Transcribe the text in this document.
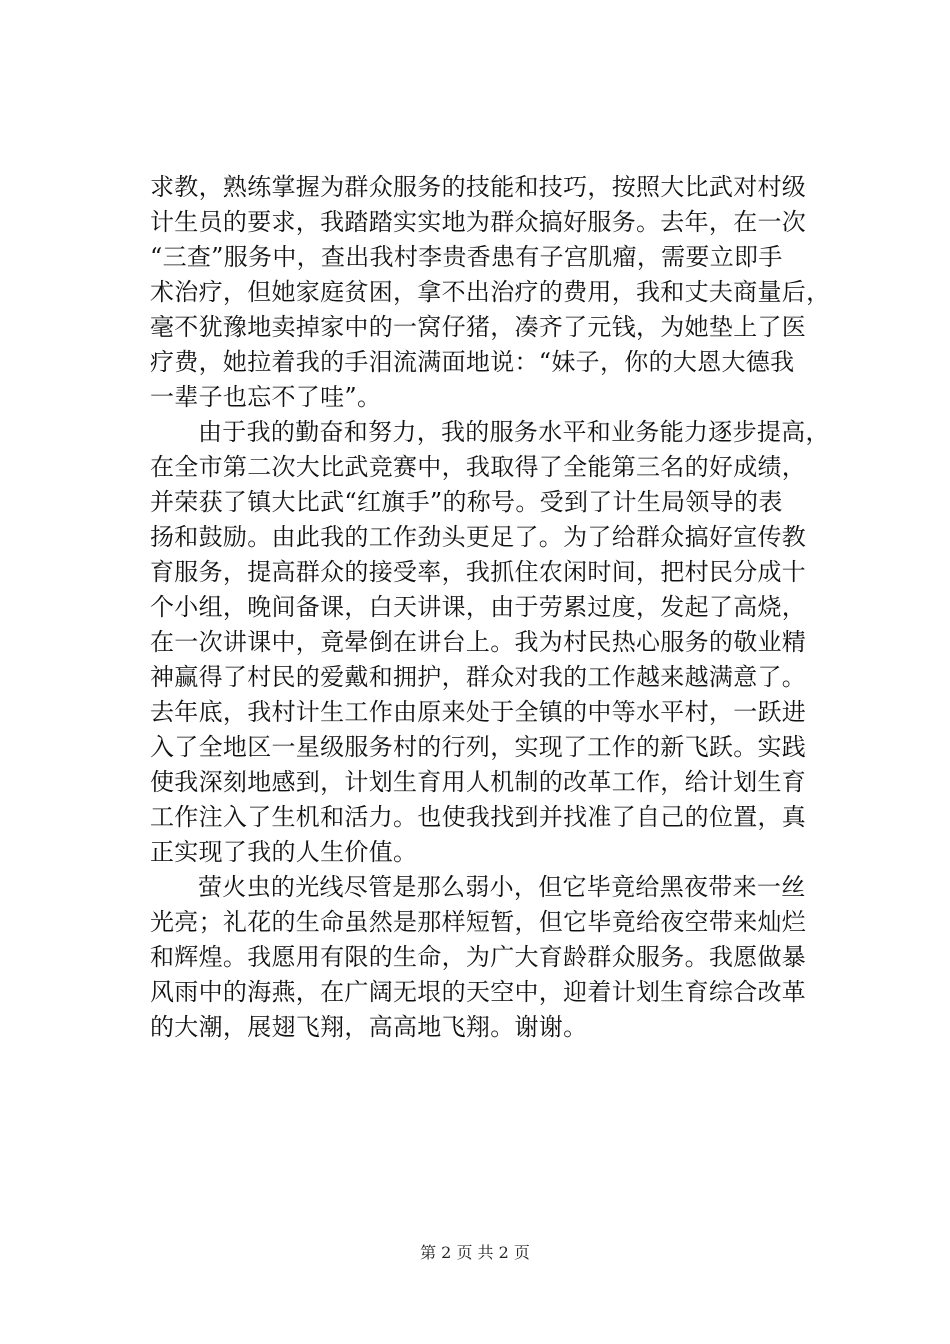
求教，熟练掌握为群众服务的技能和技巧，按照大比武对村级
计生员的要求，我踏踏实实地为群众搞好服务。去年，在一次
“三查”服务中，查出我村李贵香患有子宫肌瘤，需要立即手
术治疗，但她家庭贫困，拿不出治疗的费用，我和丈夫商量后，
毫不犹豫地卖掉家中的一窝仔猪，凑齐了元钱，为她垫上了医
疗费，她拉着我的手泪流满面地说：“妹子，你的大恩大德我
一辈子也忘不了哇”。
由于我的勤奋和努力，我的服务水平和业务能力逐步提高，
在全市第二次大比武竞赛中，我取得了全能第三名的好成绩，
并荣获了镇大比武“红旗手”的称号。受到了计生局领导的表
扬和鼓励。由此我的工作劲头更足了。为了给群众搞好宣传教
育服务，提高群众的接受率，我抓住农闲时间，把村民分成十
个小组，晚间备课，白天讲课，由于劳累过度，发起了高烧，
在一次讲课中，竟晕倒在讲台上。我为村民热心服务的敬业精
神赢得了村民的爱戴和拥护，群众对我的工作越来越满意了。
去年底，我村计生工作由原来处于全镇的中等水平村，一跃进
入了全地区一星级服务村的行列，实现了工作的新飞跃。实践
使我深刻地感到，计划生育用人机制的改革工作，给计划生育
工作注入了生机和活力。也使我找到并找准了自己的位置，真
正实现了我的人生价值。
萤火虫的光线尽管是那么弱小，但它毕竟给黑夜带来一丝
光亮；礼花的生命虽然是那样短暂，但它毕竟给夜空带来灿烂
和辉煌。我愿用有限的生命，为广大育龄群众服务。我愿做暴
风雨中的海燕，在广阔无垠的天空中，迎着计划生育综合改革
的大潮，展翅飞翔，高高地飞翔。谢谢。
第 2 页 共 2 页
